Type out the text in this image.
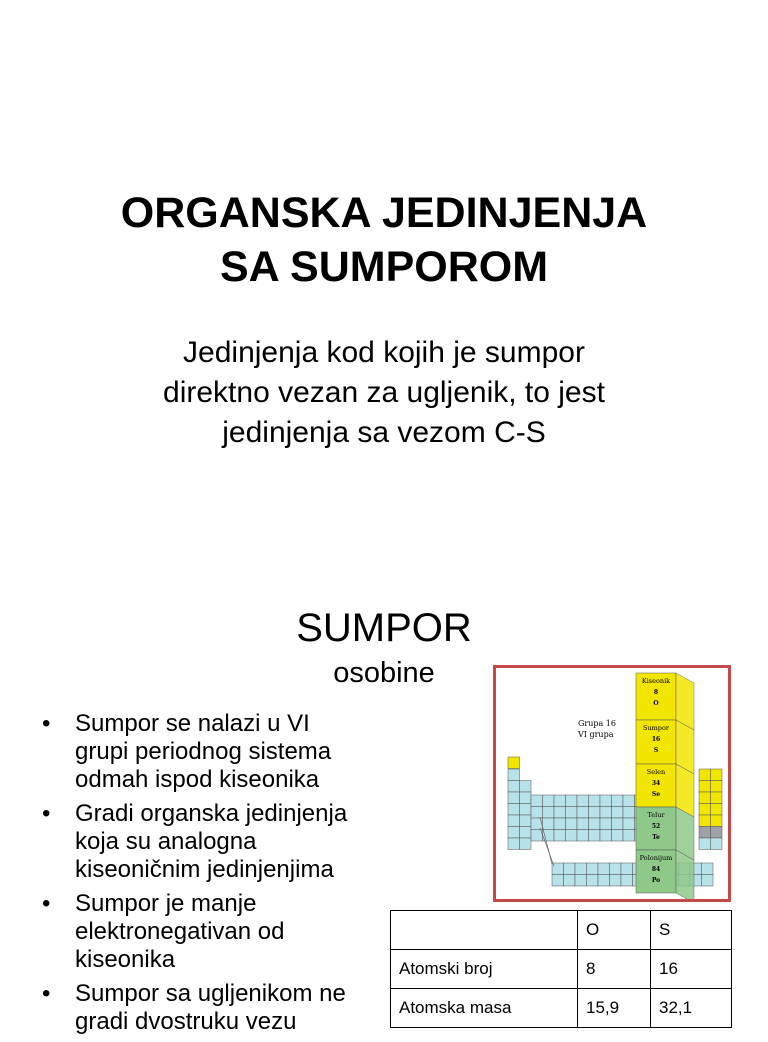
ORGANSKA JEDINJENJA
SA SUMPOROM
Jedinjenja kod kojih je sumpor
direktno vezan za ugljenik, to jest
jedinjenja sa vezom C-S
SUMPOR
osobine
• Sumpor se nalazi u VI
grupi periodnog sistema
odmah ispod kiseonika
• Gradi organska jedinjenja
koja su analogna
kiseoničnim jedinjenjima
• Sumpor je manje
elektronegativan od
kiseonika
• Sumpor sa ugljenikom ne
gradi dvostruku vezu
Grupa 16
VI grupa
Kiseonik
8
O
Sumpor
16
S
Selen
34
Se
Telur
52
Te
Polonijum
84
Po
	O	S
Atomski broj	8	16
Atomska masa	15,9	32,1
